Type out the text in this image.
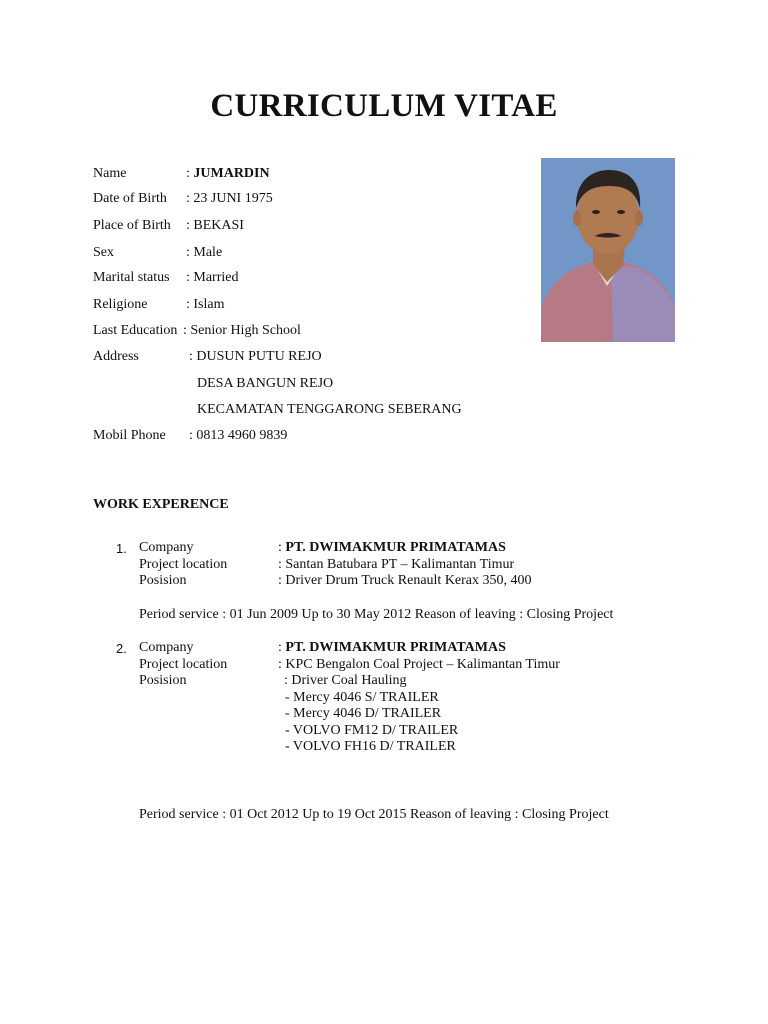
CURRICULUM VITAE
Name	: JUMARDIN
Date of Birth : 23 JUNI 1975
Place of Birth : BEKASI
Sex	: Male
Marital status : Married
Religione	: Islam
Last Education : Senior High School
Address	: DUSUN PUTU REJO
DESA BANGUN REJO
KECAMATAN TENGGARONG SEBERANG
Mobil Phone : 0813 4960 9839
WORK EXPERENCE
1. Company	: PT. DWIMAKMUR PRIMATAMAS
Project location	: Santan Batubara PT – Kalimantan Timur
Posision	: Driver Drum Truck Renault Kerax 350, 400
Period service : 01 Jun 2009 Up to 30 May 2012 Reason of leaving : Closing Project
2. Company	: PT. DWIMAKMUR PRIMATAMAS
Project location	: KPC Bengalon Coal Project – Kalimantan Timur
Posision	: Driver Coal Hauling
- Mercy 4046 S/ TRAILER
- Mercy 4046 D/ TRAILER
- VOLVO FM12 D/ TRAILER
- VOLVO FH16 D/ TRAILER
Period service : 01 Oct 2012 Up to 19 Oct 2015 Reason of leaving : Closing Project
